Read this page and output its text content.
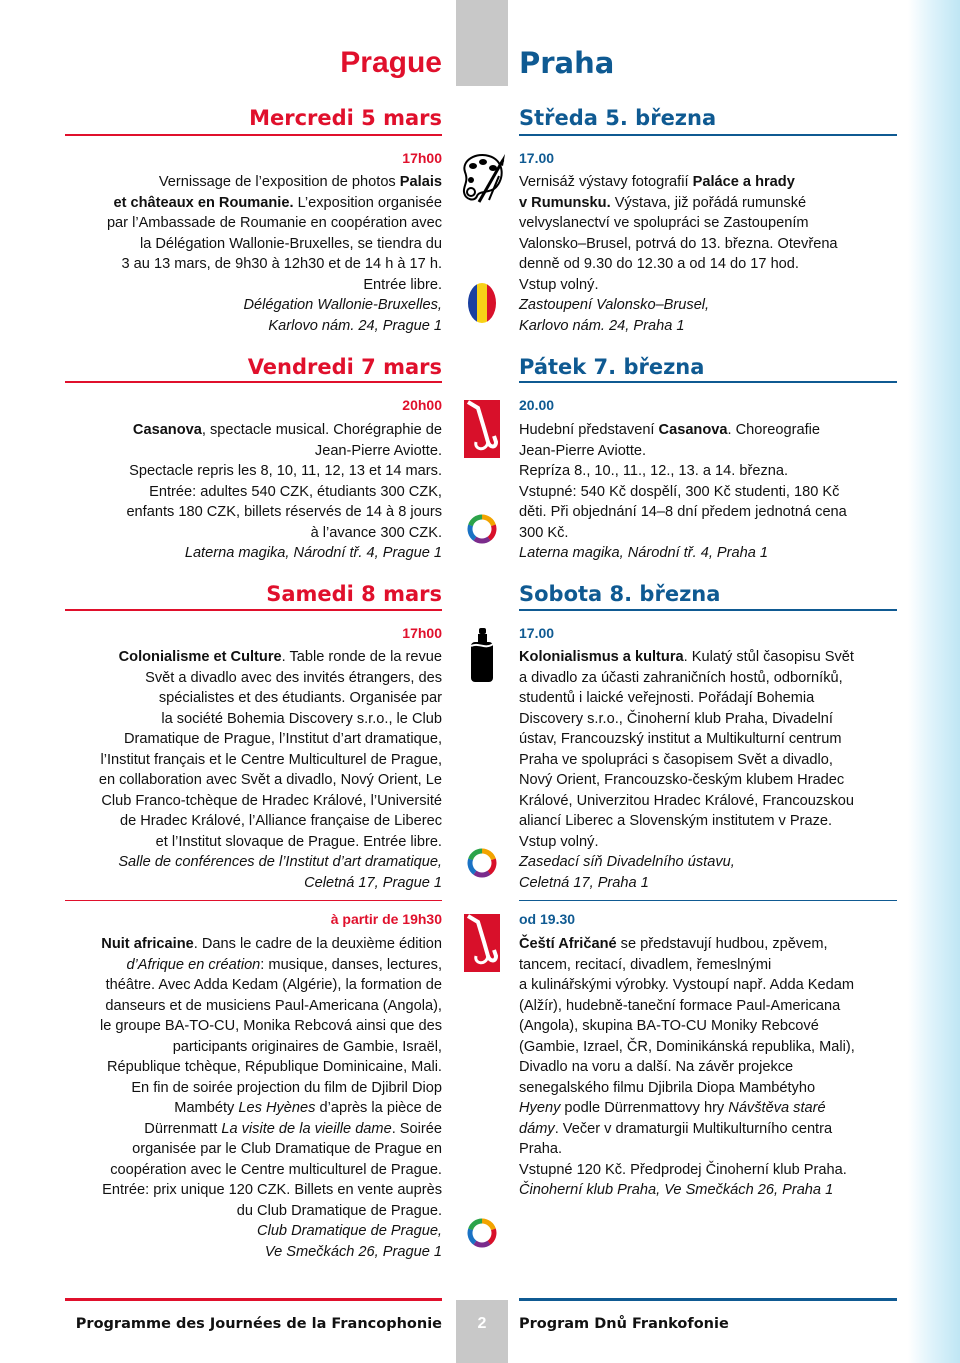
Prague	Praha
Mercredi 5 mars	Středa 5. března
17h00	17.00
Vernissage de l’exposition de photos Palais
et châteaux en Roumanie. L’exposition organisée
par l’Ambassade de Roumanie en coopération avec
la Délégation Wallonie-Bruxelles, se tiendra du
3 au 13 mars, de 9h30 à 12h30 et de 14 h à 17 h.
Entrée libre.
Délégation Wallonie-Bruxelles,
Karlovo nám. 24, Prague 1
Vernisáž výstavy fotografií Paláce a hrady
v Rumunsku. Výstava, již pořádá rumunské
velvyslanectví ve spolupráci se Zastoupením
Valonsko–Brusel, potrvá do 13. března. Otevřena
denně od 9.30 do 12.30 a od 14 do 17 hod.
Vstup volný.
Zastoupení Valonsko–Brusel,
Karlovo nám. 24, Praha 1
Vendredi 7 mars	Pátek 7. března
20h00	20.00
Casanova, spectacle musical. Chorégraphie de
Jean-Pierre Aviotte.
Spectacle repris les 8, 10, 11, 12, 13 et 14 mars.
Entrée: adultes 540 CZK, étudiants 300 CZK,
enfants 180 CZK, billets réservés de 14 à 8 jours
à l’avance 300 CZK.
Laterna magika, Národní tř. 4, Prague 1
Hudební představení Casanova. Choreografie
Jean-Pierre Aviotte.
Repríza 8., 10., 11., 12., 13. a 14. března.
Vstupné: 540 Kč dospělí, 300 Kč studenti, 180 Kč
děti. Při objednání 14–8 dní předem jednotná cena
300 Kč.
Laterna magika, Národní tř. 4, Praha 1
Samedi 8 mars	Sobota 8. března
17h00	17.00
Colonialisme et Culture. Table ronde de la revue
Svět a divadlo avec des invités étrangers, des
spécialistes et des étudiants. Organisée par
la société Bohemia Discovery s.r.o., le Club
Dramatique de Prague, l’Institut d’art dramatique,
l’Institut français et le Centre Multiculturel de Prague,
en collaboration avec Svět a divadlo, Nový Orient, Le
Club Franco-tchèque de Hradec Králové, l’Université
de Hradec Králové, l’Alliance française de Liberec
et l’Institut slovaque de Prague. Entrée libre.
Salle de conférences de l’Institut d’art dramatique,
Celetná 17, Prague 1
Kolonialismus a kultura. Kulatý stůl časopisu Svět
a divadlo za účasti zahraničních hostů, odborníků,
studentů i laické veřejnosti. Pořádají Bohemia
Discovery s.r.o., Činoherní klub Praha, Divadelní
ústav, Francouzský institut a Multikulturní centrum
Praha ve spolupráci s časopisem Svět a divadlo,
Nový Orient, Francouzsko-českým klubem Hradec
Králové, Univerzitou Hradec Králové, Francouzskou
aliancí Liberec a Slovenským institutem v Praze.
Vstup volný.
Zasedací síň Divadelního ústavu,
Celetná 17, Praha 1
à partir de 19h30	od 19.30
Nuit africaine. Dans le cadre de la deuxième édition
d’Afrique en création: musique, danses, lectures,
théâtre. Avec Adda Kedam (Algérie), la formation de
danseurs et de musiciens Paul-Americana (Angola),
le groupe BA-TO-CU, Monika Rebcová ainsi que des
participants originaires de Gambie, Israël,
République tchèque, République Dominicaine, Mali.
En fin de soirée projection du film de Djibril Diop
Mambéty Les Hyènes d’après la pièce de
Dürrenmatt La visite de la vieille dame. Soirée
organisée par le Club Dramatique de Prague en
coopération avec le Centre multiculturel de Prague.
Entrée: prix unique 120 CZK. Billets en vente auprès
du Club Dramatique de Prague.
Club Dramatique de Prague,
Ve Smečkách 26, Prague 1
Čeští Afričané se představují hudbou, zpěvem,
tancem, recitací, divadlem, řemeslnými
a kulinářskými výrobky. Vystoupí např. Adda Kedam
(Alžír), hudebně-taneční formace Paul-Americana
(Angola), skupina BA-TO-CU Moniky Rebcové
(Gambie, Izrael, ČR, Dominikánská republika, Mali),
Divadlo na voru a další. Na závěr projekce
senegalského filmu Djibrila Diopa Mambétyho
Hyeny podle Dürrenmattovy hry Návštěva staré
dámy. Večer v dramaturgii Multikulturního centra
Praha.
Vstupné 120 Kč. Předprodej Činoherní klub Praha.
Činoherní klub Praha, Ve Smečkách 26, Praha 1
Programme des Journées de la Francophonie	2	Program Dnů Frankofonie
